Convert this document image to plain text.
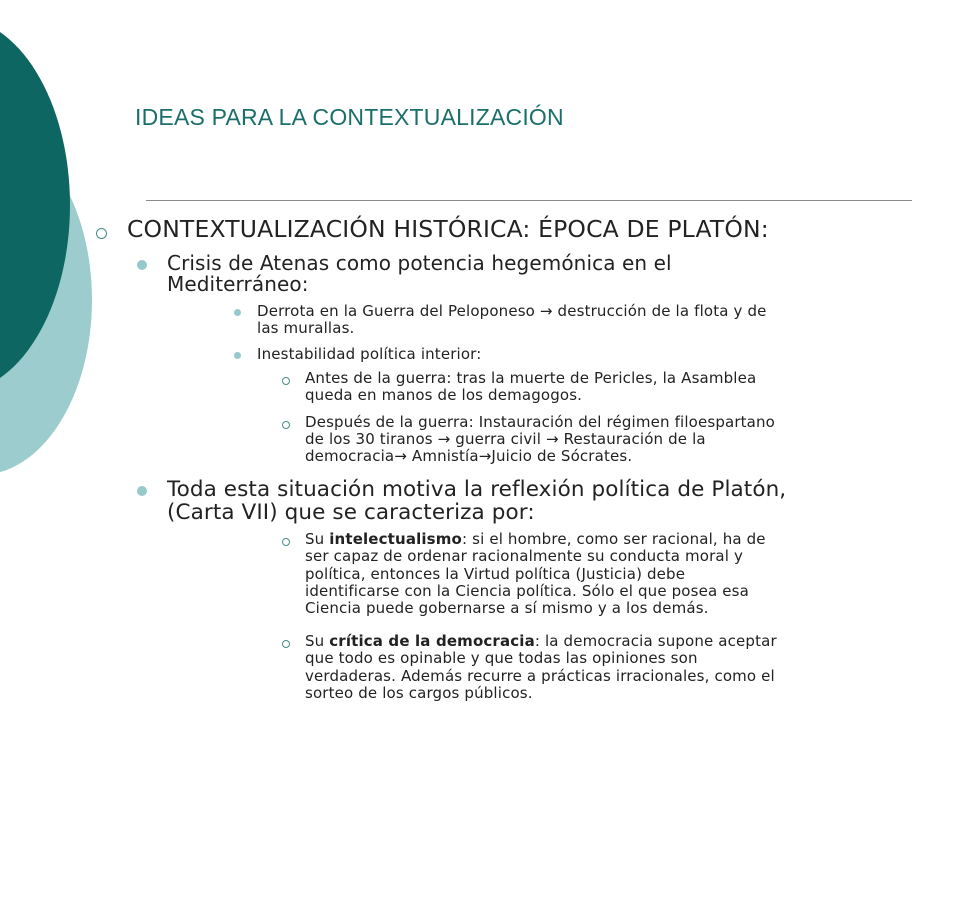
IDEAS PARA LA CONTEXTUALIZACIÓN

CONTEXTUALIZACIÓN HISTÓRICA: ÉPOCA DE PLATÓN:

Crisis de Atenas como potencia hegemónica en el

Mediterráneo:

Derrota en la Guerra del Peloponeso → destrucción de la flota y de

las murallas.

Inestabilidad política interior:

Antes de la guerra: tras la muerte de Pericles, la Asamblea

queda en manos de los demagogos.

Después de la guerra: Instauración del régimen filoespartano

de los 30 tiranos → guerra civil → Restauración de la

democracia→ Amnistía→Juicio de Sócrates.

Toda esta situación motiva la reflexión política de Platón,

(Carta VII) que se caracteriza por:

Su intelectualismo: si el hombre, como ser racional, ha de

ser capaz de ordenar racionalmente su conducta moral y

política, entonces la Virtud política (Justicia) debe

identificarse con la Ciencia política. Sólo el que posea esa

Ciencia puede gobernarse a sí mismo y a los demás.

Su crítica de la democracia: la democracia supone aceptar

que todo es opinable y que todas las opiniones son

verdaderas. Además recurre a prácticas irracionales, como el

sorteo de los cargos públicos.
